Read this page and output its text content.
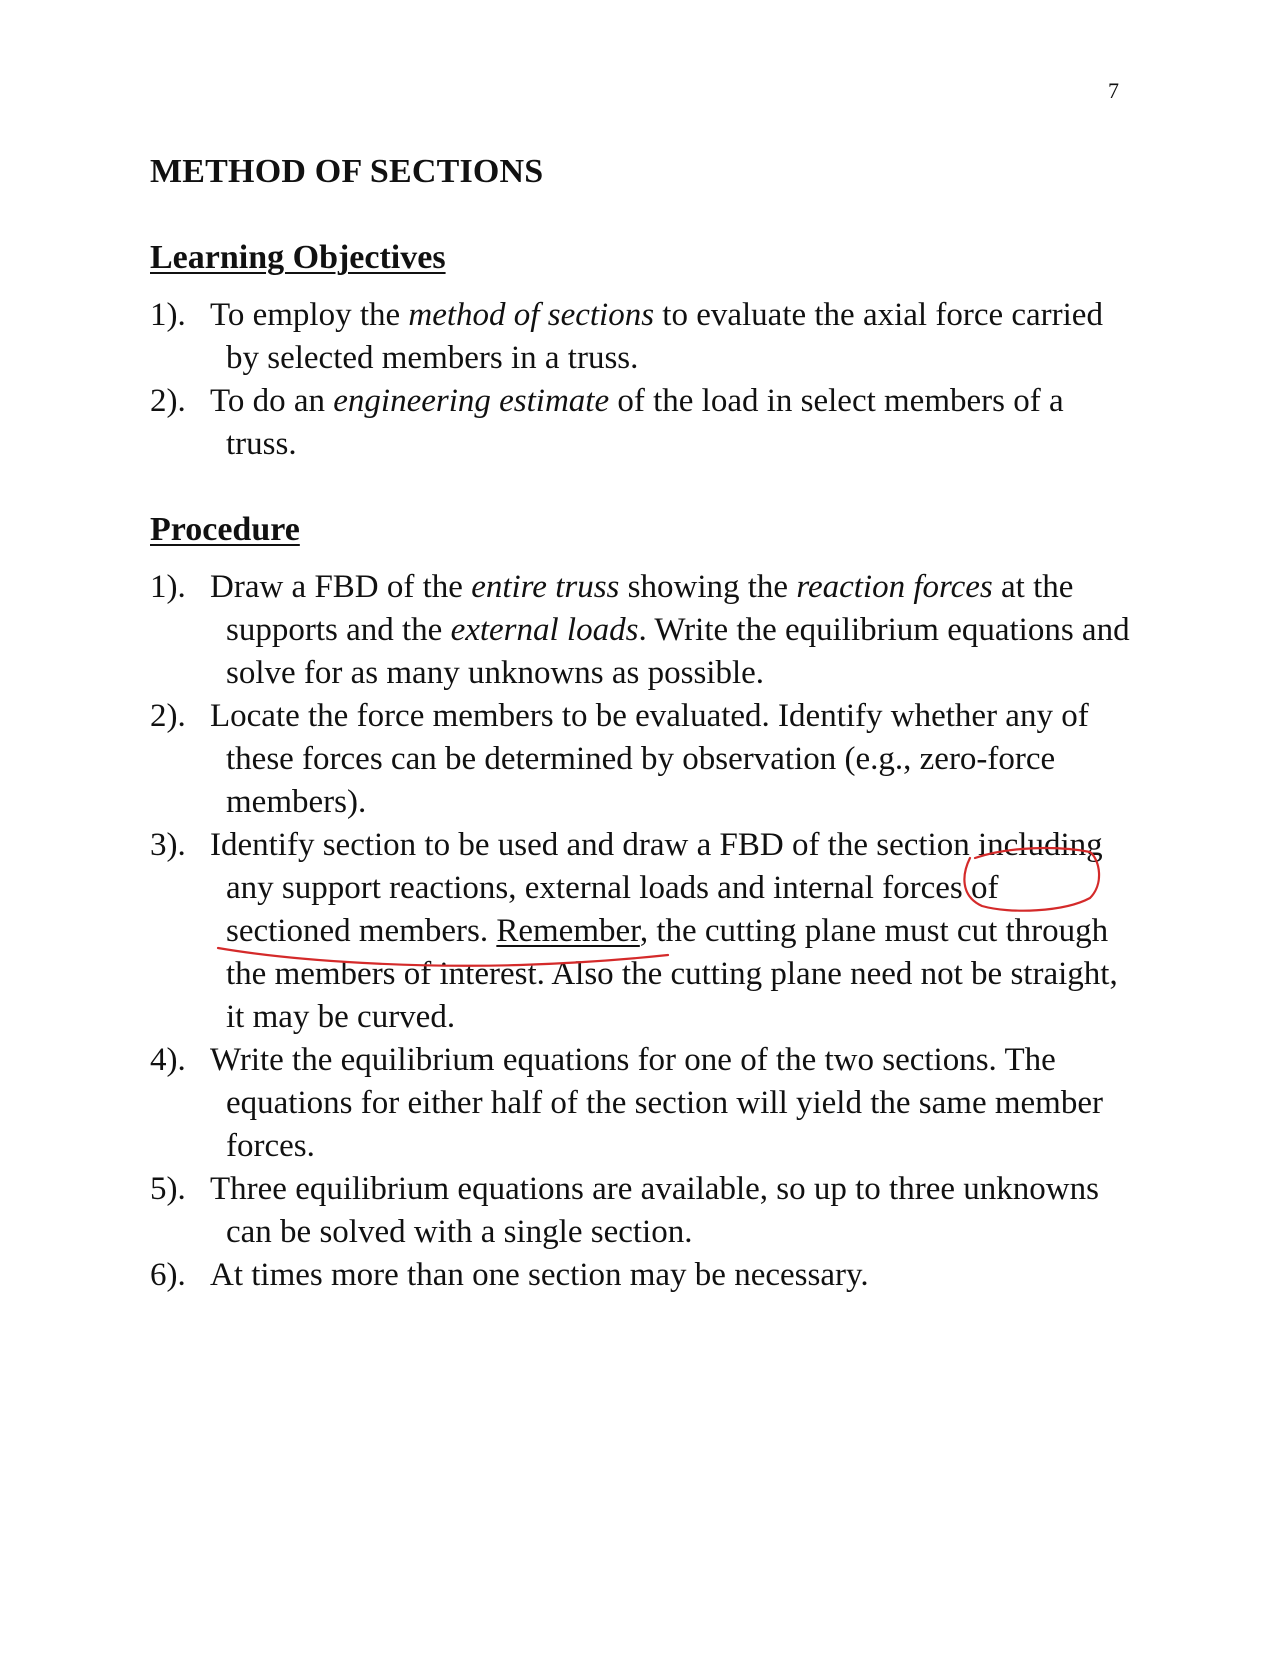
7
METHOD OF SECTIONS
Learning Objectives
1). To employ the method of sections to evaluate the axial force carried by selected members in a truss.
2). To do an engineering estimate of the load in select members of a truss.
Procedure
1). Draw a FBD of the entire truss showing the reaction forces at the supports and the external loads. Write the equilibrium equations and solve for as many unknowns as possible.
2). Locate the force members to be evaluated. Identify whether any of these forces can be determined by observation (e.g., zero-force members).
3). Identify section to be used and draw a FBD of the section including any support reactions, external loads and internal forces of sectioned members. Remember, the cutting plane must cut through the members of interest. Also the cutting plane need not be straight, it may be curved.
4). Write the equilibrium equations for one of the two sections. The equations for either half of the section will yield the same member forces.
5). Three equilibrium equations are available, so up to three unknowns can be solved with a single section.
6). At times more than one section may be necessary.
